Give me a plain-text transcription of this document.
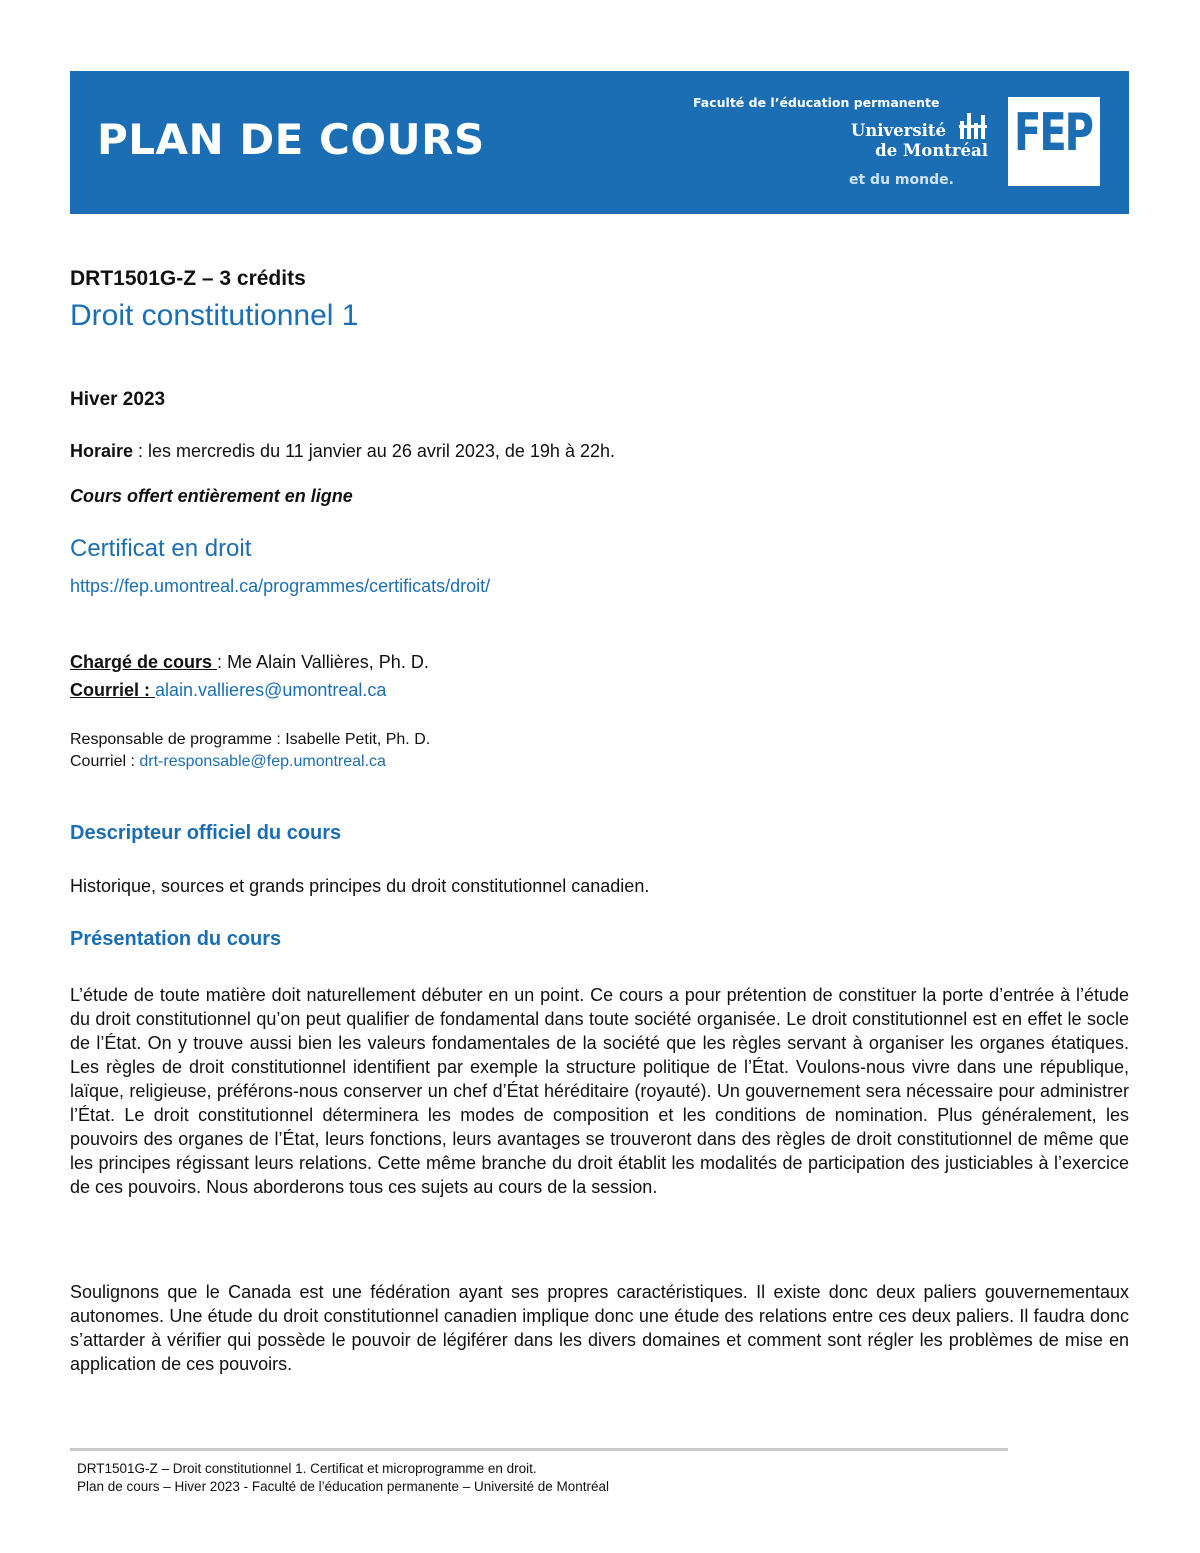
PLAN DE COURS
Faculté de l’éducation permanente
Université
de Montréal
et du monde.
FEP
DRT1501G-Z – 3 crédits
Droit constitutionnel 1
Hiver 2023
Horaire : les mercredis du 11 janvier au 26 avril 2023, de 19h à 22h.
Cours offert entièrement en ligne
Certificat en droit
https://fep.umontreal.ca/programmes/certificats/droit/
Chargé de cours : Me Alain Vallières, Ph. D.
Courriel : alain.vallieres@umontreal.ca
Responsable de programme : Isabelle Petit, Ph. D.
Courriel : drt-responsable@fep.umontreal.ca
Descripteur officiel du cours
Historique, sources et grands principes du droit constitutionnel canadien.
Présentation du cours

L’étude de toute matière doit naturellement débuter en un point. Ce cours a pour prétention de constituer la porte d’entrée à l’étude du droit constitutionnel qu’on peut qualifier de fondamental dans toute société organisée. Le droit constitutionnel est en effet le socle de l’État. On y trouve aussi bien les valeurs fondamentales de la société que les règles servant à organiser les organes étatiques. Les règles de droit constitutionnel identifient par exemple la structure politique de l’État. Voulons-nous vivre dans une république, laïque, religieuse, préférons-nous conserver un chef d’État héréditaire (royauté). Un gouvernement sera nécessaire pour administrer l’État. Le droit constitutionnel déterminera les modes de composition et les conditions de nomination. Plus généralement, les pouvoirs des organes de l’État, leurs fonctions, leurs avantages se trouveront dans des règles de droit constitutionnel de même que les principes régissant leurs relations. Cette même branche du droit établit les modalités de participation des justiciables à l’exercice de ces pouvoirs. Nous aborderons tous ces sujets au cours de la session.

Soulignons que le Canada est une fédération ayant ses propres caractéristiques. Il existe donc deux paliers gouvernementaux autonomes. Une étude du droit constitutionnel canadien implique donc une étude des relations entre ces deux paliers. Il faudra donc s’attarder à vérifier qui possède le pouvoir de légiférer dans les divers domaines et comment sont régler les problèmes de mise en application de ces pouvoirs.

DRT1501G-Z – Droit constitutionnel 1. Certificat et microprogramme en droit.
Plan de cours – Hiver 2023 - Faculté de l’éducation permanente – Université de Montréal
